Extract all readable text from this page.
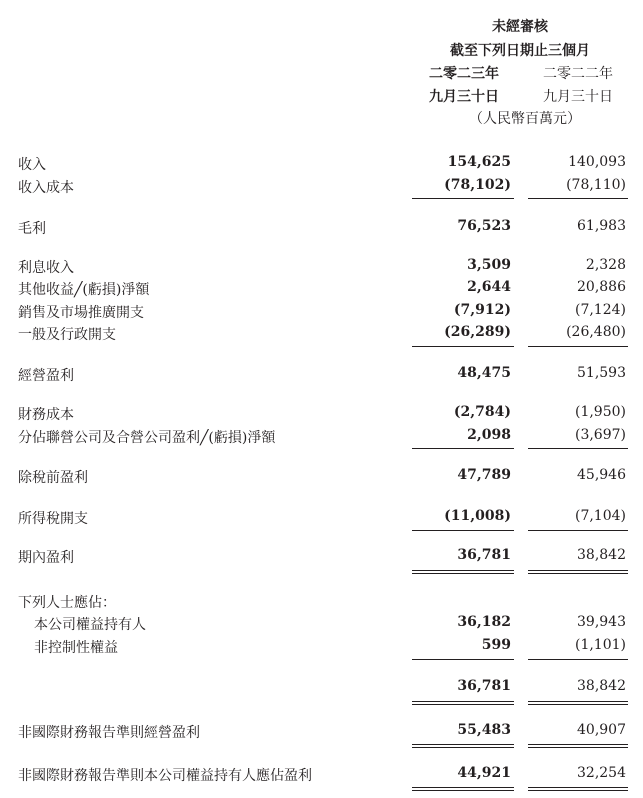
未經審核
截至下列日期止三個月
二零二三年	二零二二年
九月三十日	九月三十日
（人民幣百萬元）
收入	154,625	140,093
收入成本	(78,102)	(78,110)
毛利	76,523	61,983
利息收入	3,509	2,328
其他收益╱(虧損)淨額	2,644	20,886
銷售及市場推廣開支	(7,912)	(7,124)
一般及行政開支	(26,289)	(26,480)
經營盈利	48,475	51,593
財務成本	(2,784)	(1,950)
分佔聯營公司及合營公司盈利╱(虧損)淨額	2,098	(3,697)
除稅前盈利	47,789	45,946
所得稅開支	(11,008)	(7,104)
期內盈利	36,781	38,842
下列人士應佔：
本公司權益持有人	36,182	39,943
非控制性權益	599	(1,101)
36,781	38,842
非國際財務報告準則經營盈利	55,483	40,907
非國際財務報告準則本公司權益持有人應佔盈利	44,921	32,254
